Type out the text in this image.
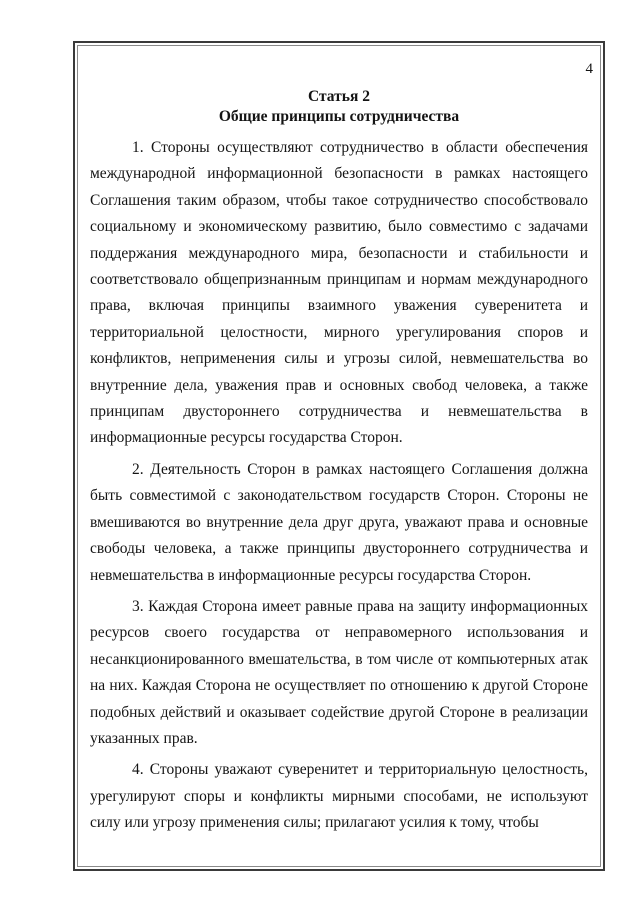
4
Статья 2
Общие принципы сотрудничества

1. Стороны осуществляют сотрудничество в области обеспечения международной информационной безопасности в рамках настоящего Соглашения таким образом, чтобы такое сотрудничество способствовало социальному и экономическому развитию, было совместимо с задачами поддержания международного мира, безопасности и стабильности и соответствовало общепризнанным принципам и нормам международного права, включая принципы взаимного уважения суверенитета и территориальной целостности, мирного урегулирования споров и конфликтов, неприменения силы и угрозы силой, невмешательства во внутренние дела, уважения прав и основных свобод человека, а также принципам двустороннего сотрудничества и невмешательства в информационные ресурсы государства Сторон.

2. Деятельность Сторон в рамках настоящего Соглашения должна быть совместимой с законодательством государств Сторон. Стороны не вмешиваются во внутренние дела друг друга, уважают права и основные свободы человека, а также принципы двустороннего сотрудничества и невмешательства в информационные ресурсы государства Сторон.

3. Каждая Сторона имеет равные права на защиту информационных ресурсов своего государства от неправомерного использования и несанкционированного вмешательства, в том числе от компьютерных атак на них. Каждая Сторона не осуществляет по отношению к другой Стороне подобных действий и оказывает содействие другой Стороне в реализации указанных прав.

4. Стороны уважают суверенитет и территориальную целостность, урегулируют споры и конфликты мирными способами, не используют силу или угрозу применения силы; прилагают усилия к тому, чтобы
